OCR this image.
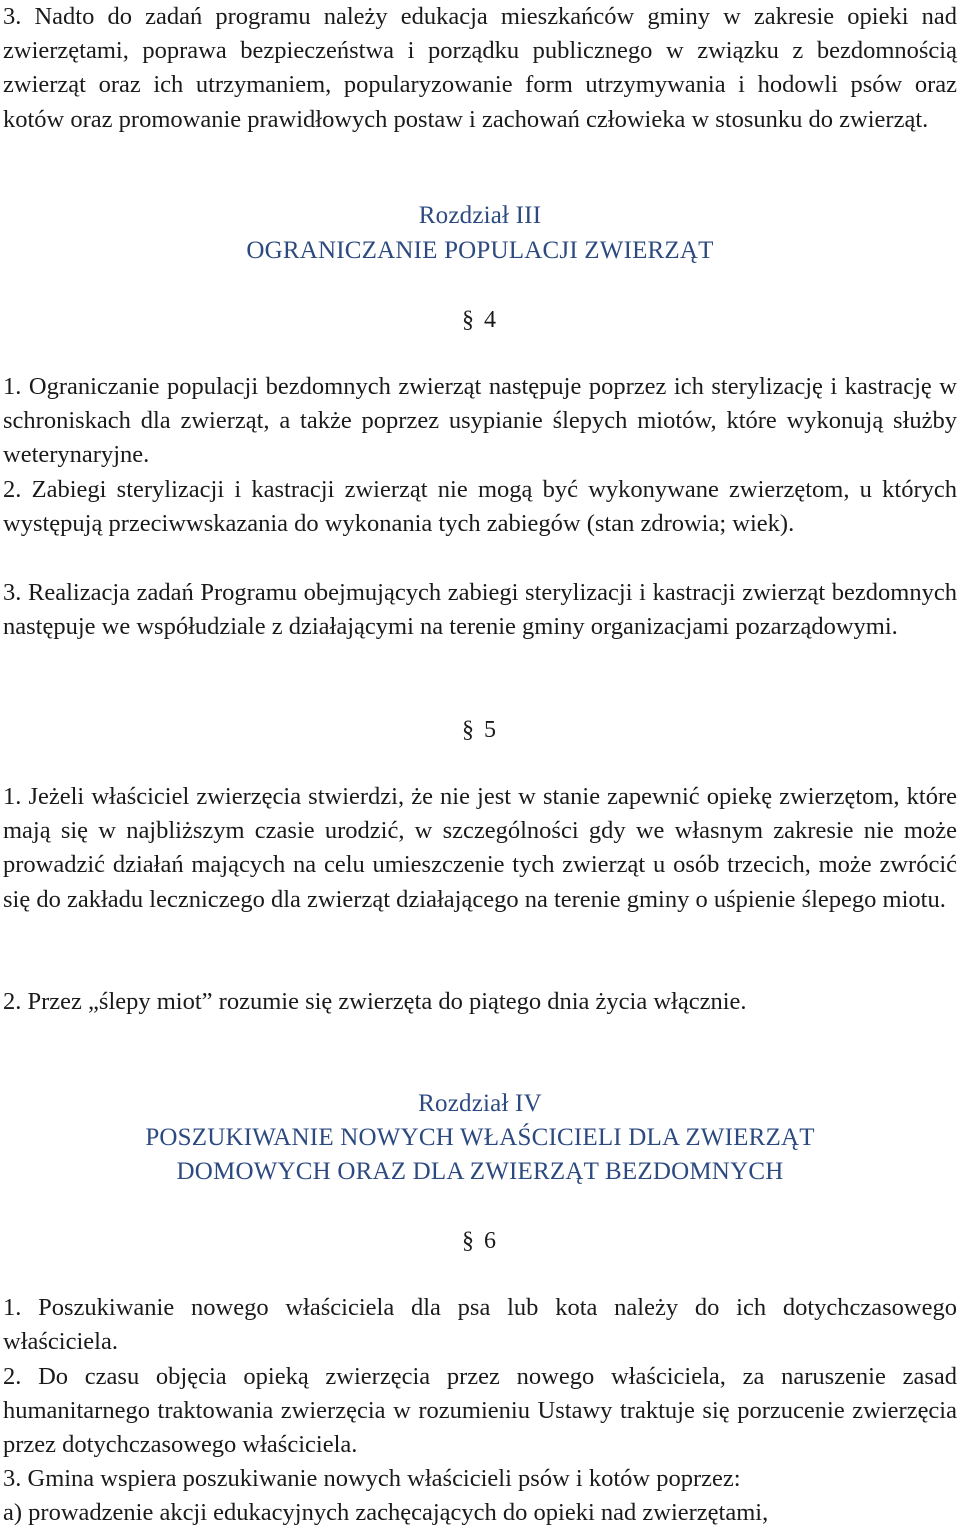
3. Nadto do zadań programu należy edukacja mieszkańców gminy w zakresie opieki nad zwierzętami, poprawa bezpieczeństwa i porządku publicznego w związku z bezdomnością zwierząt oraz ich utrzymaniem, popularyzowanie form utrzymywania i hodowli psów oraz kotów oraz promowanie prawidłowych postaw i zachowań człowieka w stosunku do zwierząt.

Rozdział III

OGRANICZANIE POPULACJI ZWIERZĄT

§ 4

1. Ograniczanie populacji bezdomnych zwierząt następuje poprzez ich sterylizację i kastrację w schroniskach dla zwierząt, a także poprzez usypianie ślepych miotów, które wykonują służby weterynaryjne.

2. Zabiegi sterylizacji i kastracji zwierząt nie mogą być wykonywane zwierzętom, u których występują przeciwwskazania do wykonania tych zabiegów (stan zdrowia; wiek).

3. Realizacja zadań Programu obejmujących zabiegi sterylizacji i kastracji zwierząt bezdomnych następuje we współudziale z działającymi na terenie gminy organizacjami pozarządowymi.

§ 5

1. Jeżeli właściciel zwierzęcia stwierdzi, że nie jest w stanie zapewnić opiekę zwierzętom, które mają się w najbliższym czasie urodzić, w szczególności gdy we własnym zakresie nie może prowadzić działań mających na celu umieszczenie tych zwierząt u osób trzecich, może zwrócić się do zakładu leczniczego dla zwierząt działającego na terenie gminy o uśpienie ślepego miotu.

2. Przez „ślepy miot” rozumie się zwierzęta do piątego dnia życia włącznie.

Rozdział IV

POSZUKIWANIE NOWYCH WŁAŚCICIELI DLA ZWIERZĄT

DOMOWYCH ORAZ DLA ZWIERZĄT BEZDOMNYCH

§ 6

1. Poszukiwanie nowego właściciela dla psa lub kota należy do ich dotychczasowego właściciela.

2. Do czasu objęcia opieką zwierzęcia przez nowego właściciela, za naruszenie zasad humanitarnego traktowania zwierzęcia w rozumieniu Ustawy traktuje się porzucenie zwierzęcia przez dotychczasowego właściciela.

3. Gmina wspiera poszukiwanie nowych właścicieli psów i kotów poprzez:

a) prowadzenie akcji edukacyjnych zachęcających do opieki nad zwierzętami,
